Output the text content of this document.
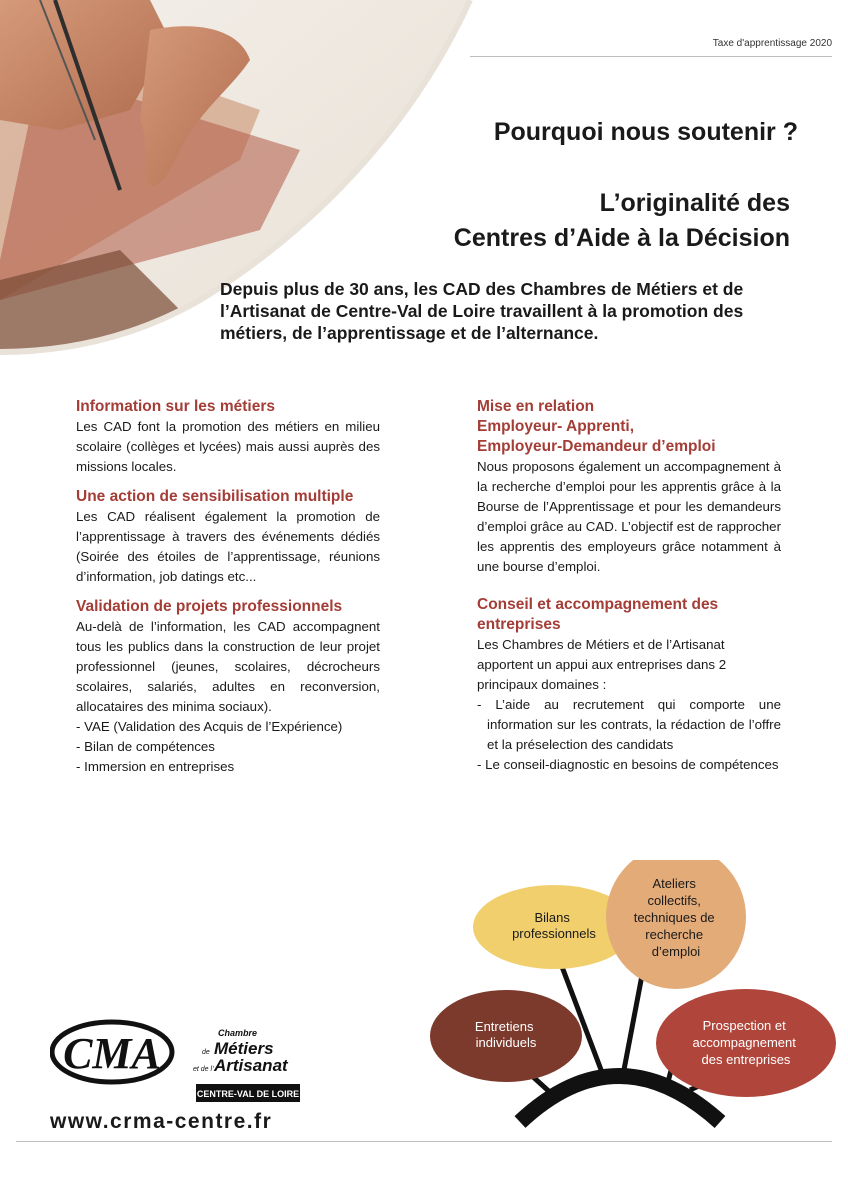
Taxe d'apprentissage 2020
Pourquoi nous soutenir ?
L’originalité des
Centres d’Aide à la Décision

Depuis plus de 30 ans, les CAD des Chambres de Métiers et de l’Artisanat de Centre-Val de Loire travaillent à la promotion des métiers, de l’apprentissage et de l’alternance.

Information sur les métiers

Les CAD font la promotion des métiers en milieu scolaire (collèges et lycées) mais aussi auprès des missions locales.

Une action de sensibilisation multiple

Les CAD réalisent également la promotion de l’apprentissage à travers des événements dédiés (Soirée des étoiles de l’apprentissage, réunions d’information, job datings etc...

Validation de projets professionnels

Au-delà de l’information, les CAD accompagnent tous les publics dans la construction de leur projet professionnel (jeunes, scolaires, décrocheurs scolaires, salariés, adultes en reconversion, allocataires des minima sociaux).

- VAE (Validation des Acquis de l’Expérience)
- Bilan de compétences
- Immersion en entreprises
Mise en relation
Employeur- Apprenti,
Employeur-Demandeur d’emploi

Nous proposons également un accompagnement à la recherche d’emploi pour les apprentis grâce à la Bourse de l’Apprentissage et pour les demandeurs d’emploi grâce au CAD. L’objectif est de rapprocher les apprentis des employeurs grâce notamment à une bourse d’emploi.

Conseil et accompagnement des entreprises

Les Chambres de Métiers et de l’Artisanat apportent un appui aux entreprises dans 2 principaux domaines :

- L’aide au recrutement qui comporte une information sur les contrats, la rédaction de l’offre et la préselection des candidats
- Le conseil-diagnostic en besoins de compétences
Entretiens individuels
Bilans professionnels
Ateliers collectifs, techniques de recherche d’emploi
Prospection et accompagnement des entreprises
CMA	Chambre
de Métiers
et de l’ Artisanat
CENTRE-VAL DE LOIRE

www.crma-centre.fr
